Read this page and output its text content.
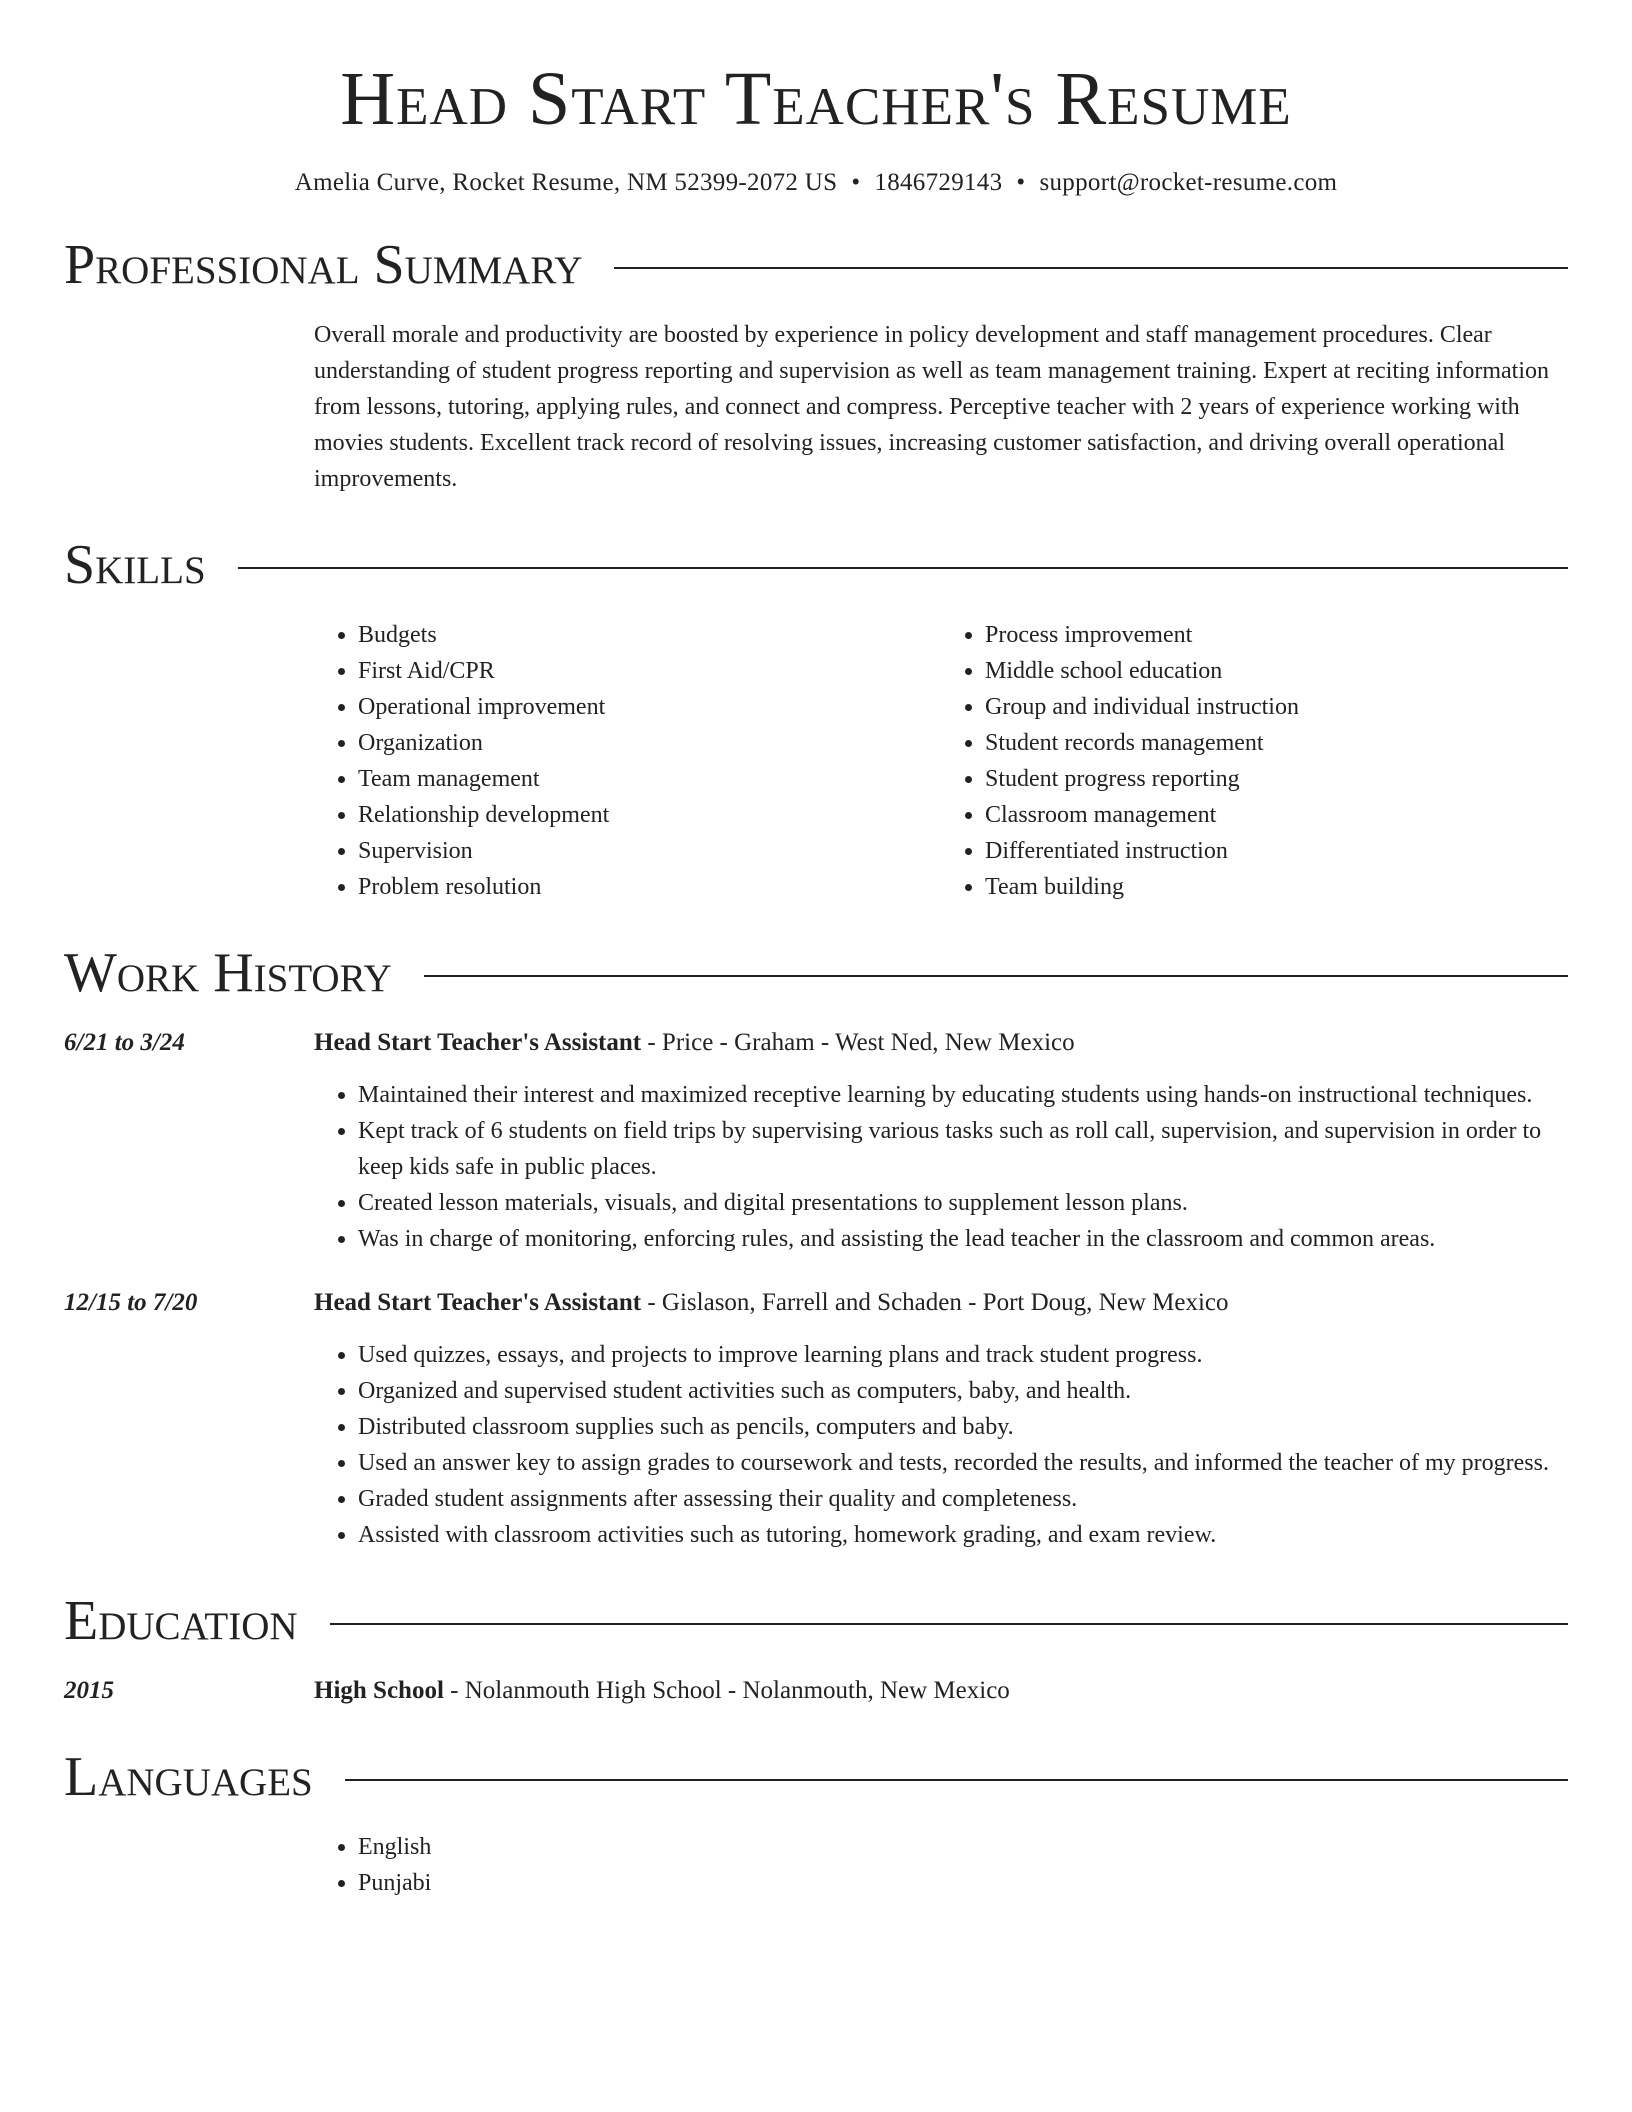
Head Start Teacher's Resume
Amelia Curve, Rocket Resume, NM 52399-2072 US • 1846729143 • support@rocket-resume.com
Professional Summary

Overall morale and productivity are boosted by experience in policy development and staff management procedures. Clear understanding of student progress reporting and supervision as well as team management training. Expert at reciting information from lessons, tutoring, applying rules, and connect and compress. Perceptive teacher with 2 years of experience working with movies students. Excellent track record of resolving issues, increasing customer satisfaction, and driving overall operational improvements.

Skills
• Budgets
• First Aid/CPR
• Operational improvement
• Organization
• Team management
• Relationship development
• Supervision
• Problem resolution
• Process improvement
• Middle school education
• Group and individual instruction
• Student records management
• Student progress reporting
• Classroom management
• Differentiated instruction
• Team building
Work History
6/21 to 3/24	Head Start Teacher's Assistant - Price - Graham - West Ned, New Mexico
• Maintained their interest and maximized receptive learning by educating students using hands-on instructional techniques.
• Kept track of 6 students on field trips by supervising various tasks such as roll call, supervision, and supervision in order to keep kids safe in public places.
• Created lesson materials, visuals, and digital presentations to supplement lesson plans.
• Was in charge of monitoring, enforcing rules, and assisting the lead teacher in the classroom and common areas.
12/15 to 7/20	Head Start Teacher's Assistant - Gislason, Farrell and Schaden - Port Doug, New Mexico
• Used quizzes, essays, and projects to improve learning plans and track student progress.
• Organized and supervised student activities such as computers, baby, and health.
• Distributed classroom supplies such as pencils, computers and baby.
• Used an answer key to assign grades to coursework and tests, recorded the results, and informed the teacher of my progress.
• Graded student assignments after assessing their quality and completeness.
• Assisted with classroom activities such as tutoring, homework grading, and exam review.
Education
2015	High School - Nolanmouth High School - Nolanmouth, New Mexico
Languages
• English
• Punjabi
